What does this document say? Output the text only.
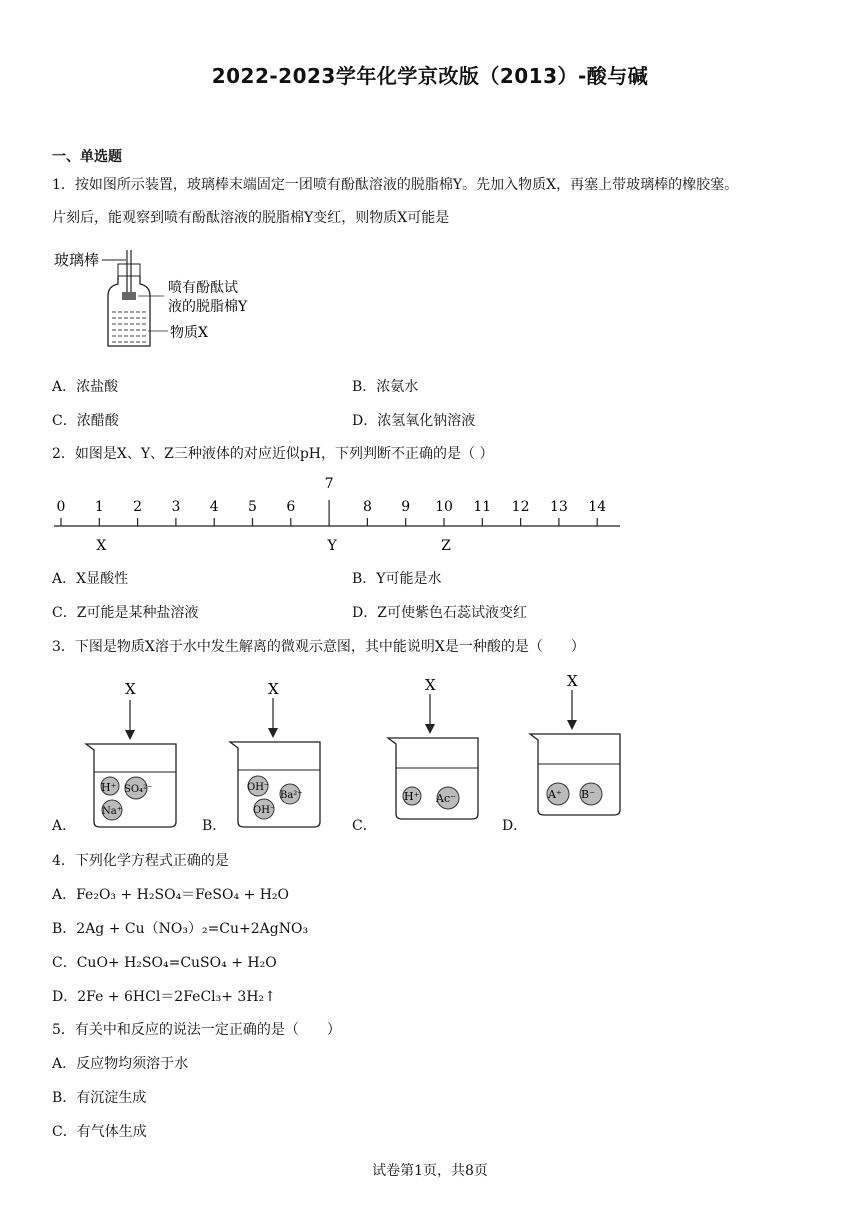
2022-2023学年化学京改版（2013）-酸与碱
一、单选题
1．按如图所示装置，玻璃棒末端固定一团喷有酚酞溶液的脱脂棉Y。先加入物质X，再塞上带玻璃棒的橡胶塞。
片刻后，能观察到喷有酚酞溶液的脱脂棉Y变红，则物质X可能是
玻璃棒
喷有酚酞试
液的脱脂棉Y
物质X
A．浓盐酸	B．浓氨水
C．浓醋酸	D．浓氢氧化钠溶液
2．如图是X、Y、Z三种液体的对应近似pH，下列判断不正确的是（ ）
0 1 2 3 4 5 6
7
8 9 10 11 12 13 14
X	Y	Z
A．X显酸性	B．Y可能是水
C．Z可能是某种盐溶液	D．Z可使紫色石蕊试液变红
3．下图是物质X溶于水中发生解离的微观示意图，其中能说明X是一种酸的是（　　）
X
H⁺ SO₄²⁻
Na⁺
X
OH⁻
Ba²⁺
OH⁻
X
H⁺ Ac⁻
X
A⁺ B⁻
A．	B．	C．	D．
4．下列化学方程式正确的是
A．Fe₂O₃ + H₂SO₄＝FeSO₄ + H₂O
B．2Ag + Cu（NO₃）₂=Cu+2AgNO₃
C．CuO+ H₂SO₄=CuSO₄ + H₂O
D．2Fe + 6HCl＝2FeCl₃+ 3H₂↑
5．有关中和反应的说法一定正确的是（　　）
A．反应物均须溶于水
B．有沉淀生成
C．有气体生成
试卷第1页，共8页
